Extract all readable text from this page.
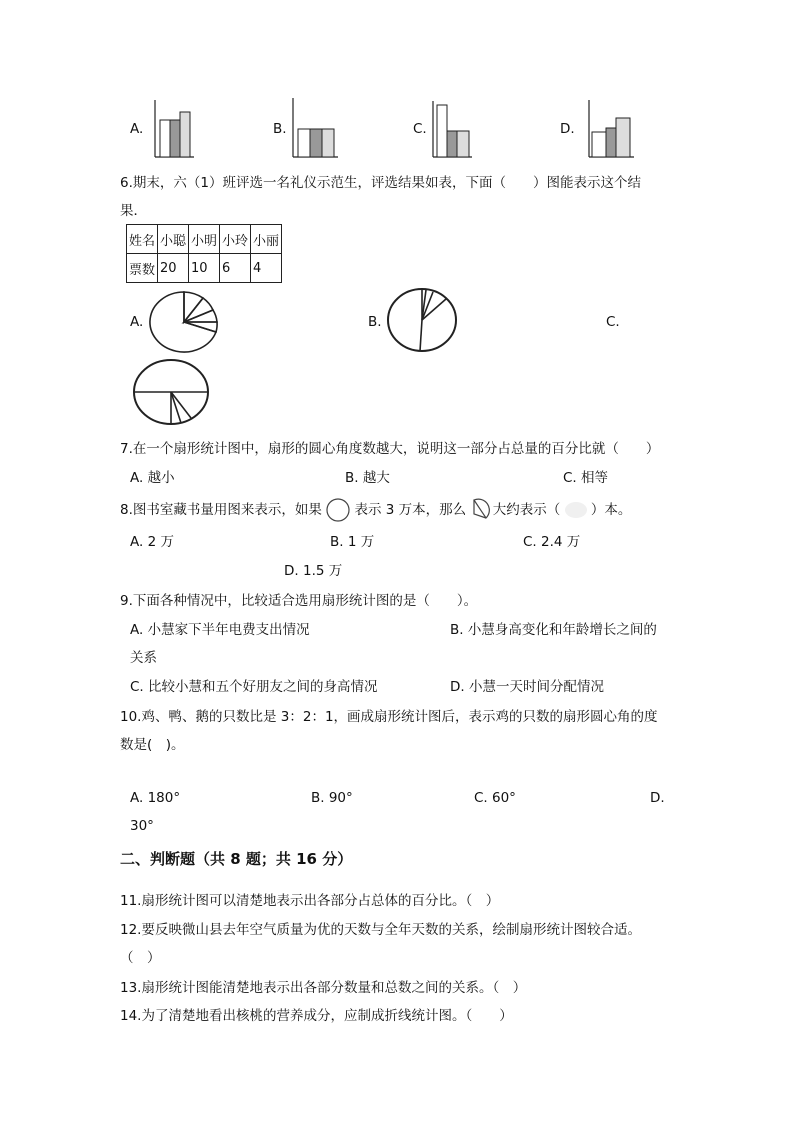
A.	B.	C.	D.
6.期末，六（1）班评选一名礼仪示范生，评选结果如表，下面（　　）图能表示这个结
果．
姓名	小聪	小明	小玲	小丽
票数	20	10	6	4
A.	B.	C.
7.在一个扇形统计图中，扇形的圆心角度数越大，说明这一部分占总量的百分比就（　　）
A. 越小	B. 越大	C. 相等
8.图书室藏书量用图来表示，如果 表示 3 万本，那么 大约表示（ ）本。
A. 2 万	B. 1 万	C. 2.4 万
D. 1.5 万
9.下面各种情况中，比较适合选用扇形统计图的是（　　）。
A. 小慧家下半年电费支出情况	B. 小慧身高变化和年龄增长之间的
关系
C. 比较小慧和五个好朋友之间的身高情况	D. 小慧一天时间分配情况
10.鸡、鸭、鹅的只数比是 3：2：1，画成扇形统计图后，表示鸡的只数的扇形圆心角的度
数是(　)。
A. 180°	B. 90°	C. 60°	D.
30°
二、判断题（共 8 题；共 16 分）
11.扇形统计图可以清楚地表示出各部分占总体的百分比。（　）
12.要反映微山县去年空气质量为优的天数与全年天数的关系，绘制扇形统计图较合适。
（　）
13.扇形统计图能清楚地表示出各部分数量和总数之间的关系。（　）
14.为了清楚地看出核桃的营养成分，应制成折线统计图。（　　）
